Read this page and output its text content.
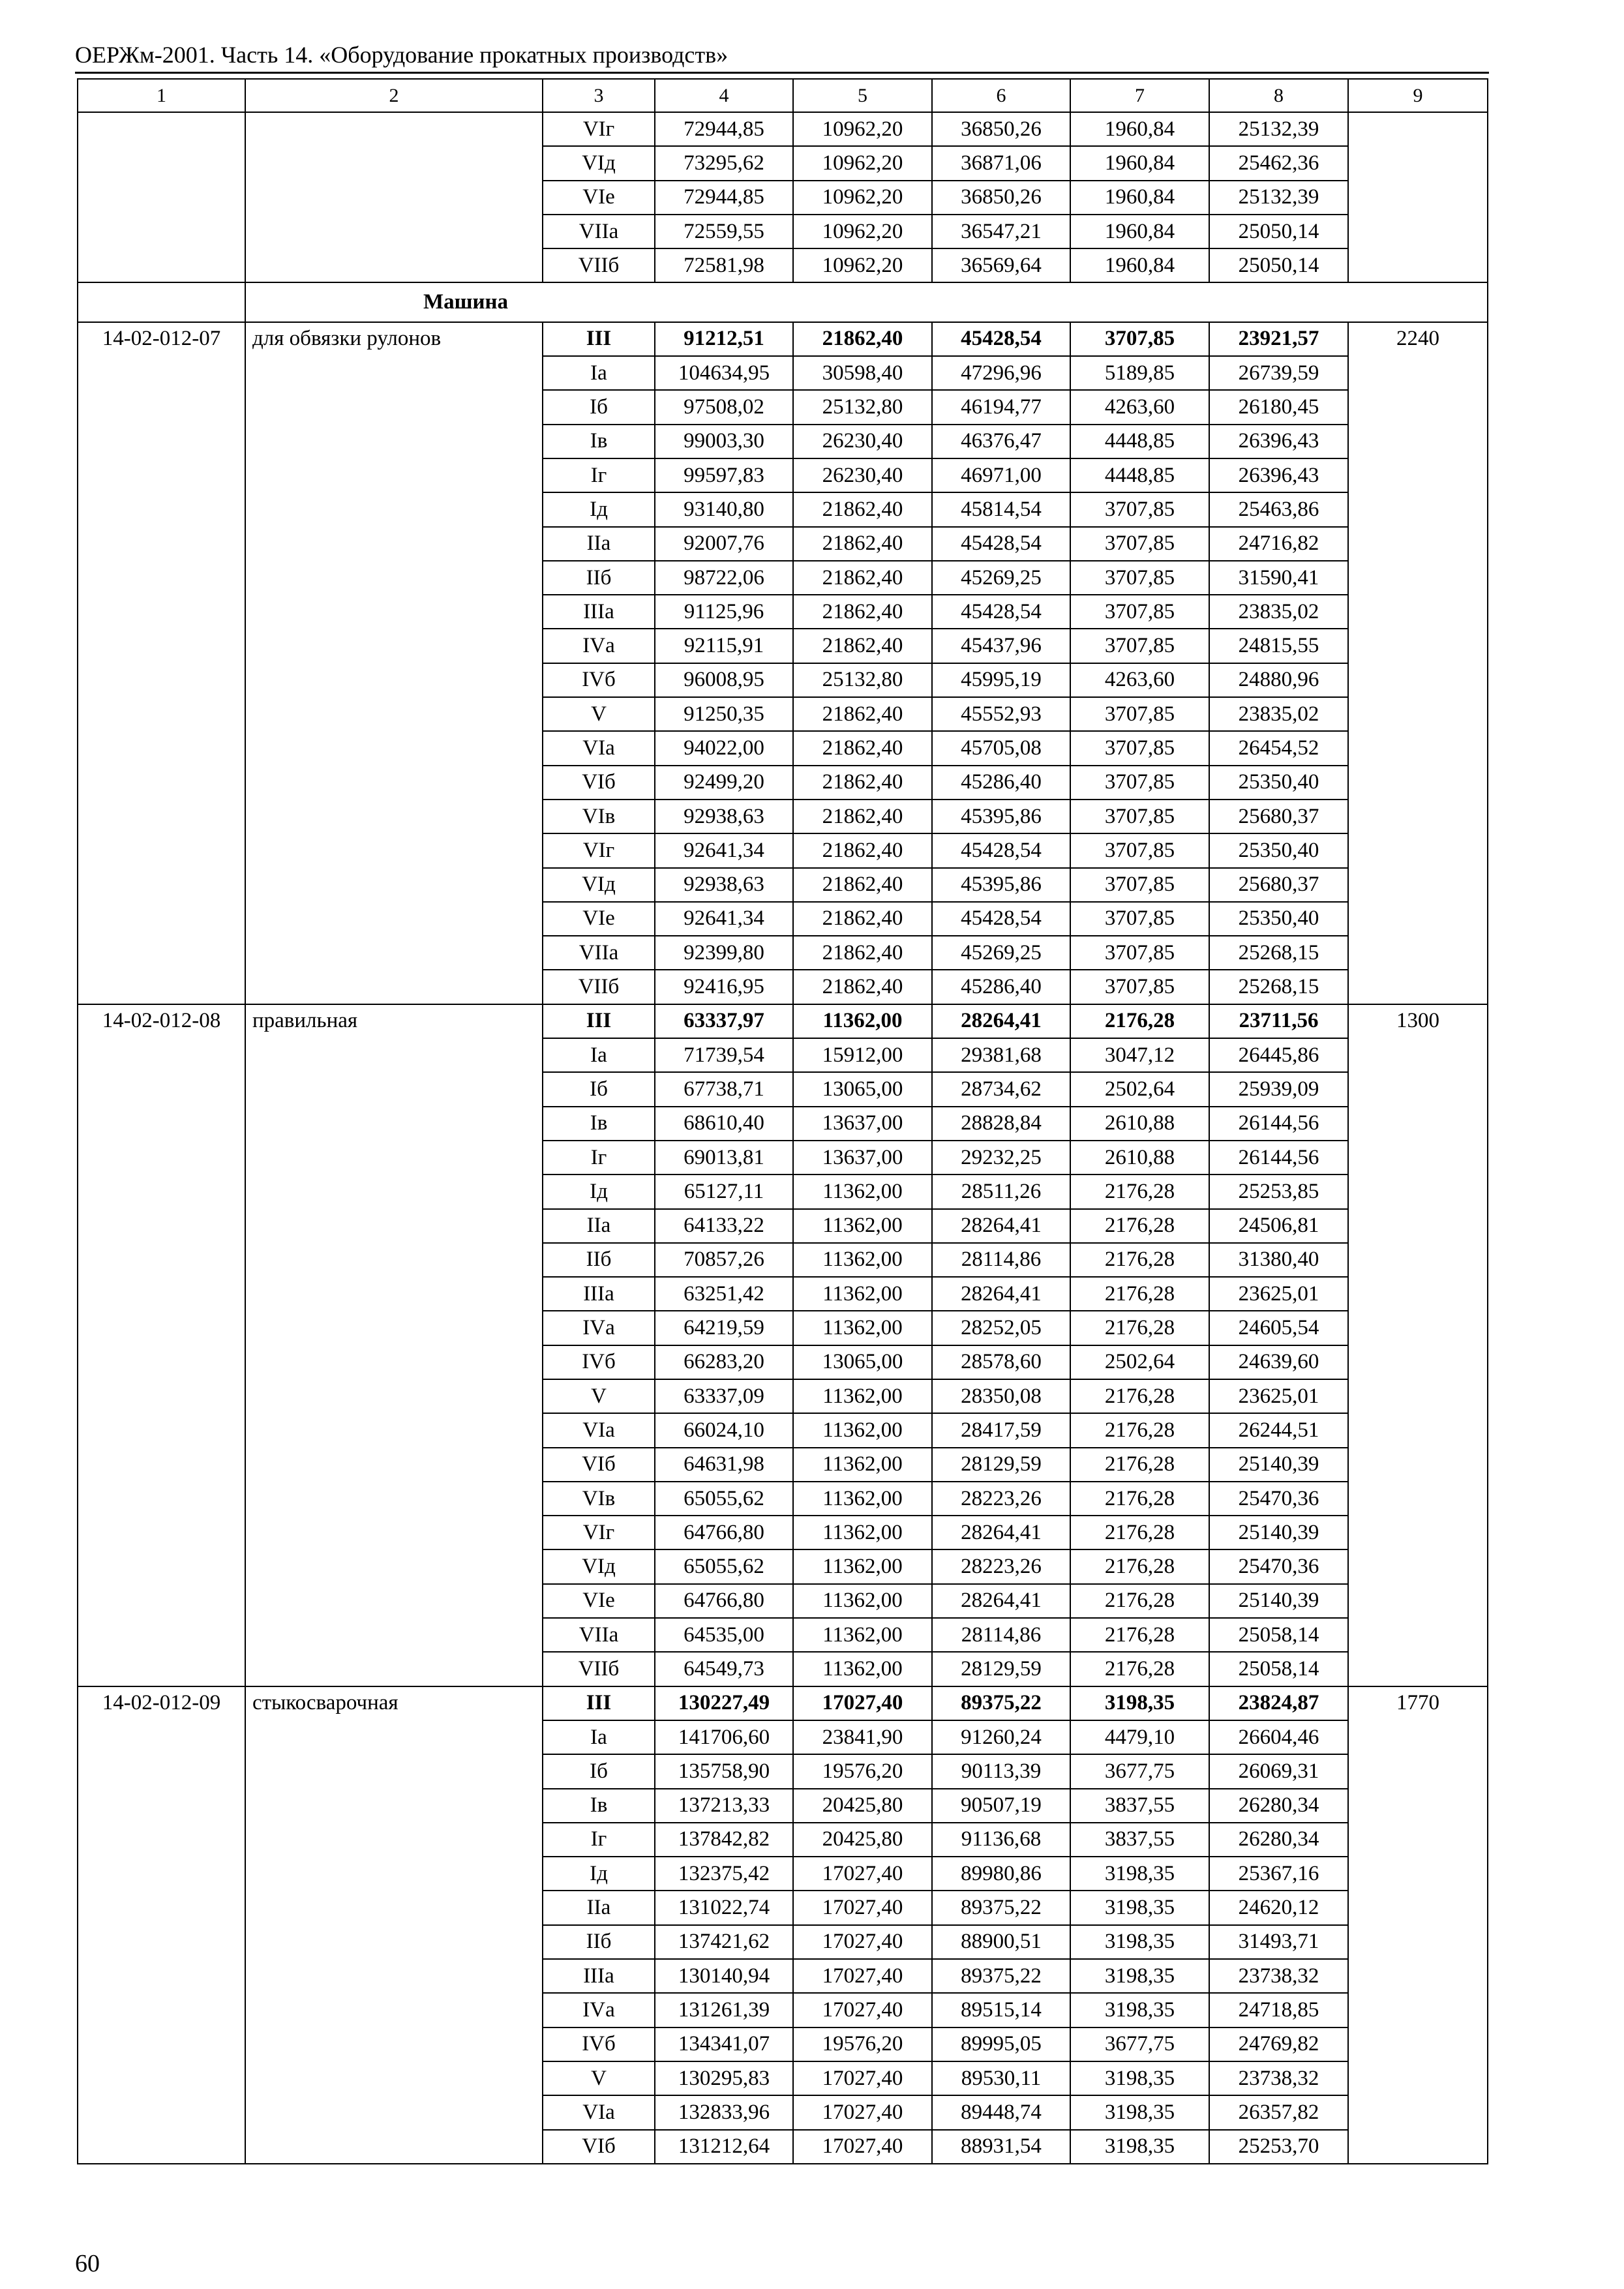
ОЕРЖм-2001. Часть 14. «Оборудование прокатных производств»
1	2	3	4	5	6	7	8	9
		VIг	72944,85	10962,20	36850,26	1960,84	25132,39	
		VIд	73295,62	10962,20	36871,06	1960,84	25462,36	
		VIе	72944,85	10962,20	36850,26	1960,84	25132,39	
		VIIа	72559,55	10962,20	36547,21	1960,84	25050,14	
		VIIб	72581,98	10962,20	36569,64	1960,84	25050,14	
	Машина							
14-02-012-07	для обвязки рулонов	III	91212,51	21862,40	45428,54	3707,85	23921,57	2240
		Iа	104634,95	30598,40	47296,96	5189,85	26739,59	
		Iб	97508,02	25132,80	46194,77	4263,60	26180,45	
		Iв	99003,30	26230,40	46376,47	4448,85	26396,43	
		Iг	99597,83	26230,40	46971,00	4448,85	26396,43	
		Iд	93140,80	21862,40	45814,54	3707,85	25463,86	
		IIа	92007,76	21862,40	45428,54	3707,85	24716,82	
		IIб	98722,06	21862,40	45269,25	3707,85	31590,41	
		IIIа	91125,96	21862,40	45428,54	3707,85	23835,02	
		IVа	92115,91	21862,40	45437,96	3707,85	24815,55	
		IVб	96008,95	25132,80	45995,19	4263,60	24880,96	
		V	91250,35	21862,40	45552,93	3707,85	23835,02	
		VIа	94022,00	21862,40	45705,08	3707,85	26454,52	
		VIб	92499,20	21862,40	45286,40	3707,85	25350,40	
		VIв	92938,63	21862,40	45395,86	3707,85	25680,37	
		VIг	92641,34	21862,40	45428,54	3707,85	25350,40	
		VIд	92938,63	21862,40	45395,86	3707,85	25680,37	
		VIе	92641,34	21862,40	45428,54	3707,85	25350,40	
		VIIа	92399,80	21862,40	45269,25	3707,85	25268,15	
		VIIб	92416,95	21862,40	45286,40	3707,85	25268,15	
14-02-012-08	правильная	III	63337,97	11362,00	28264,41	2176,28	23711,56	1300
		Iа	71739,54	15912,00	29381,68	3047,12	26445,86	
		Iб	67738,71	13065,00	28734,62	2502,64	25939,09	
		Iв	68610,40	13637,00	28828,84	2610,88	26144,56	
		Iг	69013,81	13637,00	29232,25	2610,88	26144,56	
		Iд	65127,11	11362,00	28511,26	2176,28	25253,85	
		IIа	64133,22	11362,00	28264,41	2176,28	24506,81	
		IIб	70857,26	11362,00	28114,86	2176,28	31380,40	
		IIIа	63251,42	11362,00	28264,41	2176,28	23625,01	
		IVа	64219,59	11362,00	28252,05	2176,28	24605,54	
		IVб	66283,20	13065,00	28578,60	2502,64	24639,60	
		V	63337,09	11362,00	28350,08	2176,28	23625,01	
		VIа	66024,10	11362,00	28417,59	2176,28	26244,51	
		VIб	64631,98	11362,00	28129,59	2176,28	25140,39	
		VIв	65055,62	11362,00	28223,26	2176,28	25470,36	
		VIг	64766,80	11362,00	28264,41	2176,28	25140,39	
		VIд	65055,62	11362,00	28223,26	2176,28	25470,36	
		VIе	64766,80	11362,00	28264,41	2176,28	25140,39	
		VIIа	64535,00	11362,00	28114,86	2176,28	25058,14	
		VIIб	64549,73	11362,00	28129,59	2176,28	25058,14	
14-02-012-09	стыкосварочная	III	130227,49	17027,40	89375,22	3198,35	23824,87	1770
		Iа	141706,60	23841,90	91260,24	4479,10	26604,46	
		Iб	135758,90	19576,20	90113,39	3677,75	26069,31	
		Iв	137213,33	20425,80	90507,19	3837,55	26280,34	
		Iг	137842,82	20425,80	91136,68	3837,55	26280,34	
		Iд	132375,42	17027,40	89980,86	3198,35	25367,16	
		IIа	131022,74	17027,40	89375,22	3198,35	24620,12	
		IIб	137421,62	17027,40	88900,51	3198,35	31493,71	
		IIIа	130140,94	17027,40	89375,22	3198,35	23738,32	
		IVа	131261,39	17027,40	89515,14	3198,35	24718,85	
		IVб	134341,07	19576,20	89995,05	3677,75	24769,82	
		V	130295,83	17027,40	89530,11	3198,35	23738,32	
		VIа	132833,96	17027,40	89448,74	3198,35	26357,82	
		VIб	131212,64	17027,40	88931,54	3198,35	25253,70	
60
